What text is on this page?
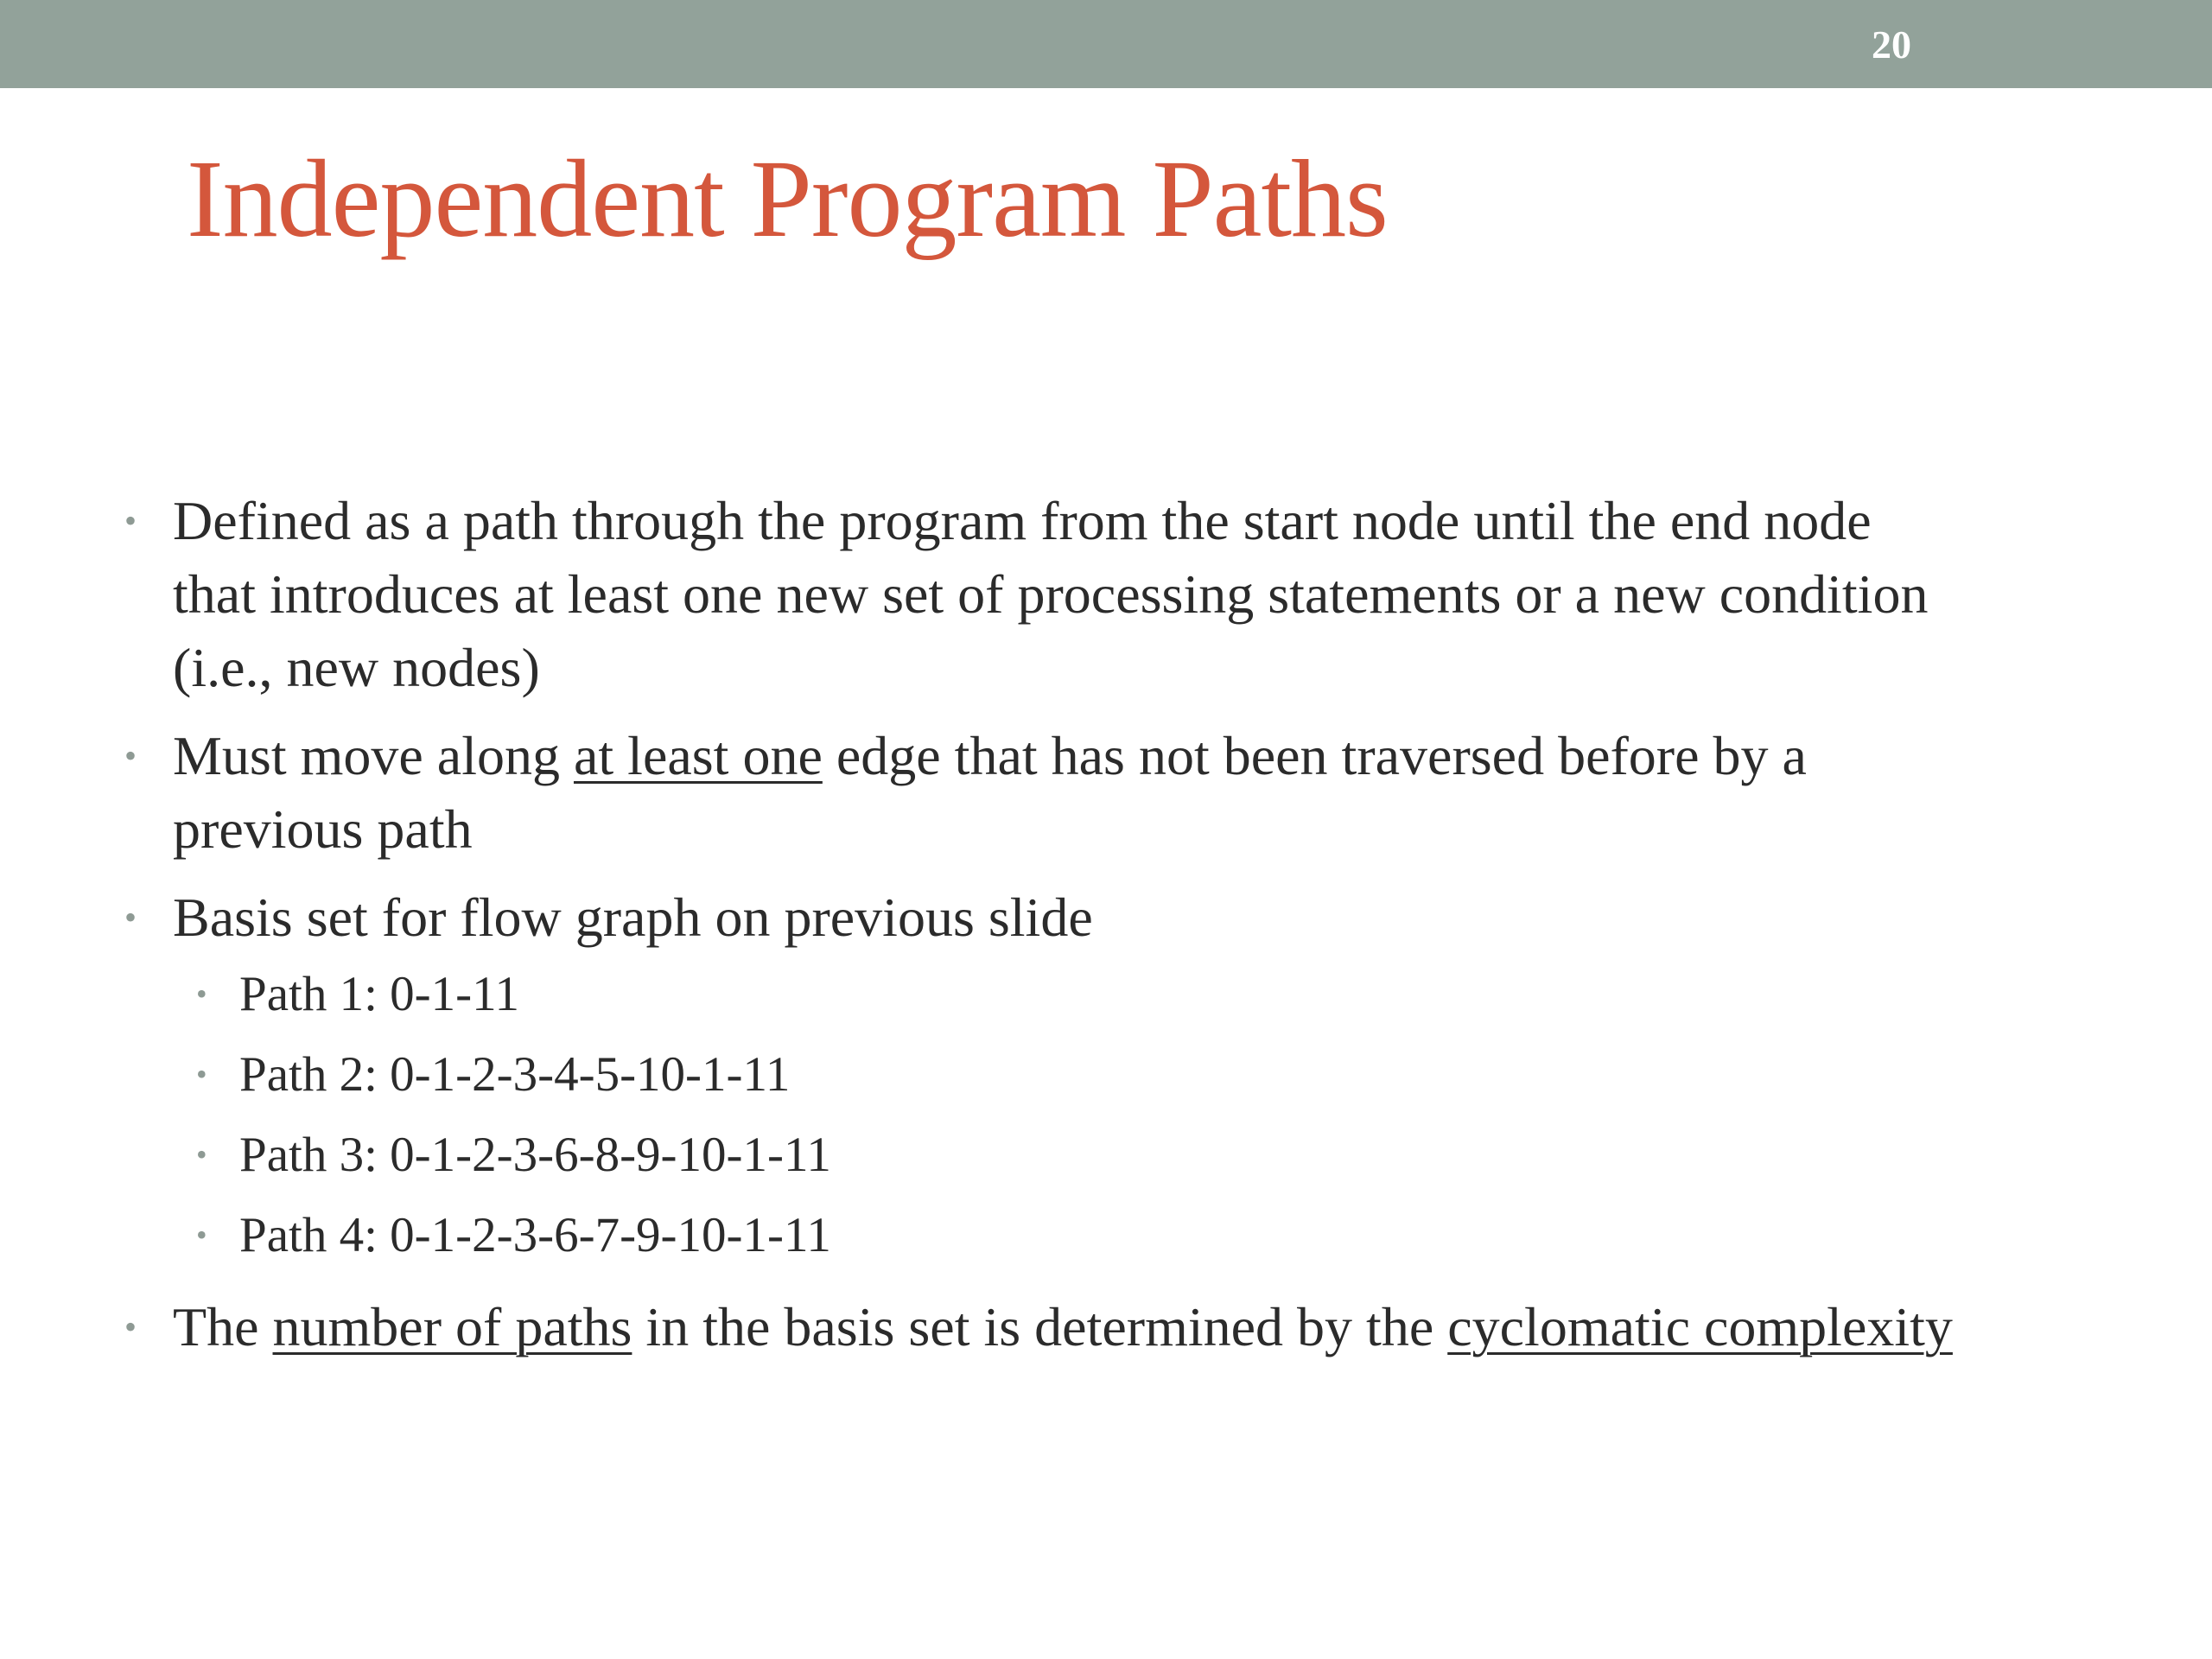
20
Independent Program Paths
• Defined as a path through the program from the start node until the end node
that introduces at least one new set of processing statements or a new condition
(i.e., new nodes)
• Must move along at least one edge that has not been traversed before by a
previous path
• Basis set for flow graph on previous slide
• Path 1: 0-1-11
• Path 2: 0-1-2-3-4-5-10-1-11
• Path 3: 0-1-2-3-6-8-9-10-1-11
• Path 4: 0-1-2-3-6-7-9-10-1-11
• The number of paths in the basis set is determined by the cyclomatic complexity
